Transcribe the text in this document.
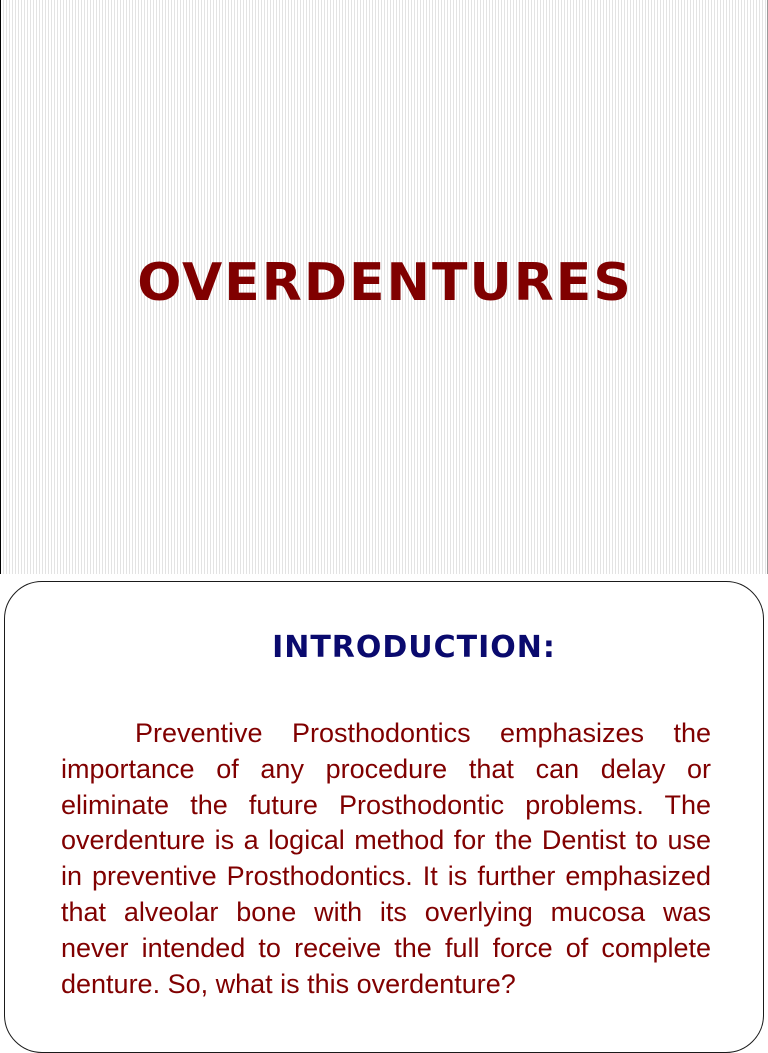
OVERDENTURES
INTRODUCTION:

Preventive Prosthodontics emphasizes the importance of any procedure that can delay or eliminate the future Prosthodontic problems. The overdenture is a logical method for the Dentist to use in preventive Prosthodontics. It is further emphasized that alveolar bone with its overlying mucosa was never intended to receive the full force of complete denture. So, what is this overdenture?
